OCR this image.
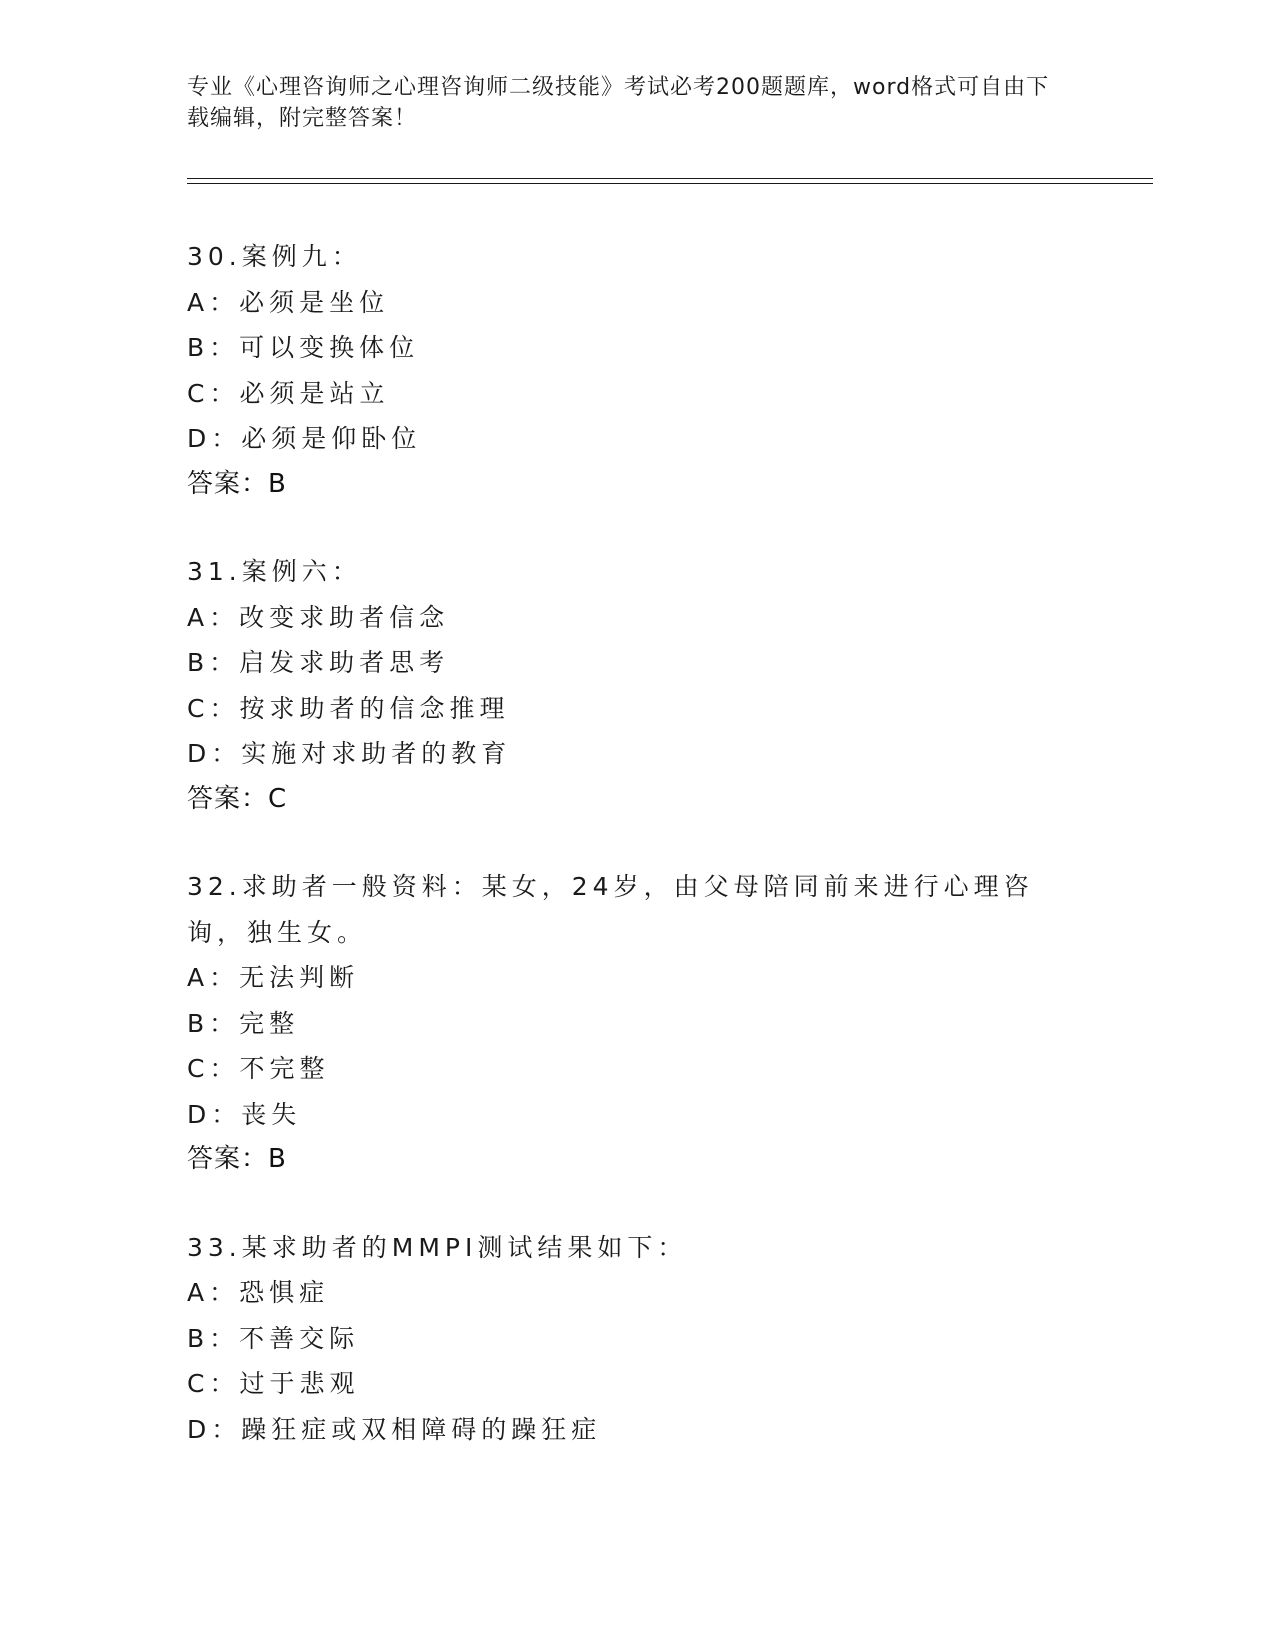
专业《心理咨询师之心理咨询师二级技能》考试必考200题题库，word格式可自由下载编辑，附完整答案！
30.案例九：
A：必须是坐位
B：可以变换体位
C：必须是站立
D：必须是仰卧位
答案：B
31.案例六：
A：改变求助者信念
B：启发求助者思考
C：按求助者的信念推理
D：实施对求助者的教育
答案：C
32.求助者一般资料：某女，24岁，由父母陪同前来进行心理咨询，独生女。
A：无法判断
B：完整
C：不完整
D：丧失
答案：B
33.某求助者的MMPI测试结果如下：
A：恐惧症
B：不善交际
C：过于悲观
D：躁狂症或双相障碍的躁狂症
